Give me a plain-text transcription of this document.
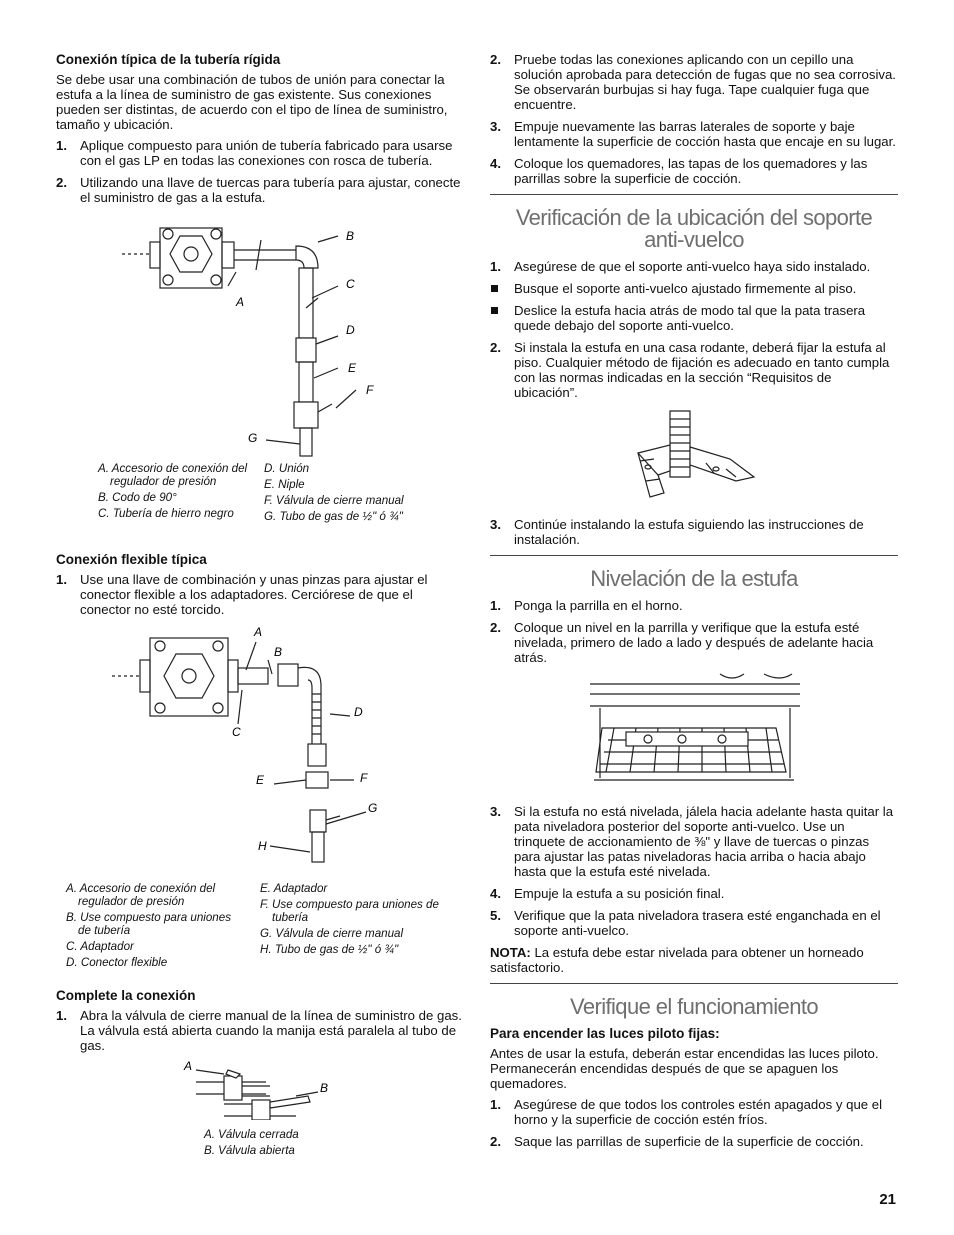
Conexión típica de la tubería rígida

Se debe usar una combinación de tubos de unión para conectar la estufa a la línea de suministro de gas existente. Sus conexiones pueden ser distintas, de acuerdo con el tipo de línea de suministro, tamaño y ubicación.

1. Aplique compuesto para unión de tubería fabricado para usarse con el gas LP en todas las conexiones con rosca de tubería.
2. Utilizando una llave de tuercas para tubería para ajustar, conecte el suministro de gas a la estufa.
B
C
A
D
E
F
G
A. Accesorio de conexión del regulador de presión
B. Codo de 90°
C. Tubería de hierro negro
D. Unión
E. Niple
F. Válvula de cierre manual
G. Tubo de gas de ½" ó ¾"
Conexión flexible típica
1. Use una llave de combinación y unas pinzas para ajustar el conector flexible a los adaptadores. Cerciórese de que el conector no esté torcido.
A
B
C
D
E	F
G
H
A. Accesorio de conexión del regulador de presión
B. Use compuesto para uniones de tubería
C. Adaptador
D. Conector flexible
E. Adaptador
F. Use compuesto para uniones de tubería
G. Válvula de cierre manual
H. Tubo de gas de ½" ó ¾"
Complete la conexión
1. Abra la válvula de cierre manual de la línea de suministro de gas. La válvula está abierta cuando la manija está paralela al tubo de gas.
A
B
A. Válvula cerrada
B. Válvula abierta
2. Pruebe todas las conexiones aplicando con un cepillo una solución aprobada para detección de fugas que no sea corrosiva. Se observarán burbujas si hay fuga. Tape cualquier fuga que encuentre.
3. Empuje nuevamente las barras laterales de soporte y baje lentamente la superficie de cocción hasta que encaje en su lugar.
4. Coloque los quemadores, las tapas de los quemadores y las parrillas sobre la superficie de cocción.
Verificación de la ubicación del soporte anti-vuelco
1. Asegúrese de que el soporte anti-vuelco haya sido instalado.
Busque el soporte anti-vuelco ajustado firmemente al piso.
Deslice la estufa hacia atrás de modo tal que la pata trasera quede debajo del soporte anti-vuelco.
2. Si instala la estufa en una casa rodante, deberá fijar la estufa al piso. Cualquier método de fijación es adecuado en tanto cumpla con las normas indicadas en la sección “Requisitos de ubicación”.
3. Continúe instalando la estufa siguiendo las instrucciones de instalación.
Nivelación de la estufa
1. Ponga la parrilla en el horno.
2. Coloque un nivel en la parrilla y verifique que la estufa esté nivelada, primero de lado a lado y después de adelante hacia atrás.
3. Si la estufa no está nivelada, jálela hacia adelante hasta quitar la pata niveladora posterior del soporte anti-vuelco. Use un trinquete de accionamiento de ⅜" y llave de tuercas o pinzas para ajustar las patas niveladoras hacia arriba o hacia abajo hasta que la estufa esté nivelada.
4. Empuje la estufa a su posición final.
5. Verifique que la pata niveladora trasera esté enganchada en el soporte anti-vuelco.

NOTA: La estufa debe estar nivelada para obtener un horneado satisfactorio.

Verifique el funcionamiento
Para encender las luces piloto fijas:

Antes de usar la estufa, deberán estar encendidas las luces piloto. Permanecerán encendidas después de que se apaguen los quemadores.

1. Asegúrese de que todos los controles estén apagados y que el horno y la superficie de cocción estén fríos.
2. Saque las parrillas de superficie de la superficie de cocción.
21
